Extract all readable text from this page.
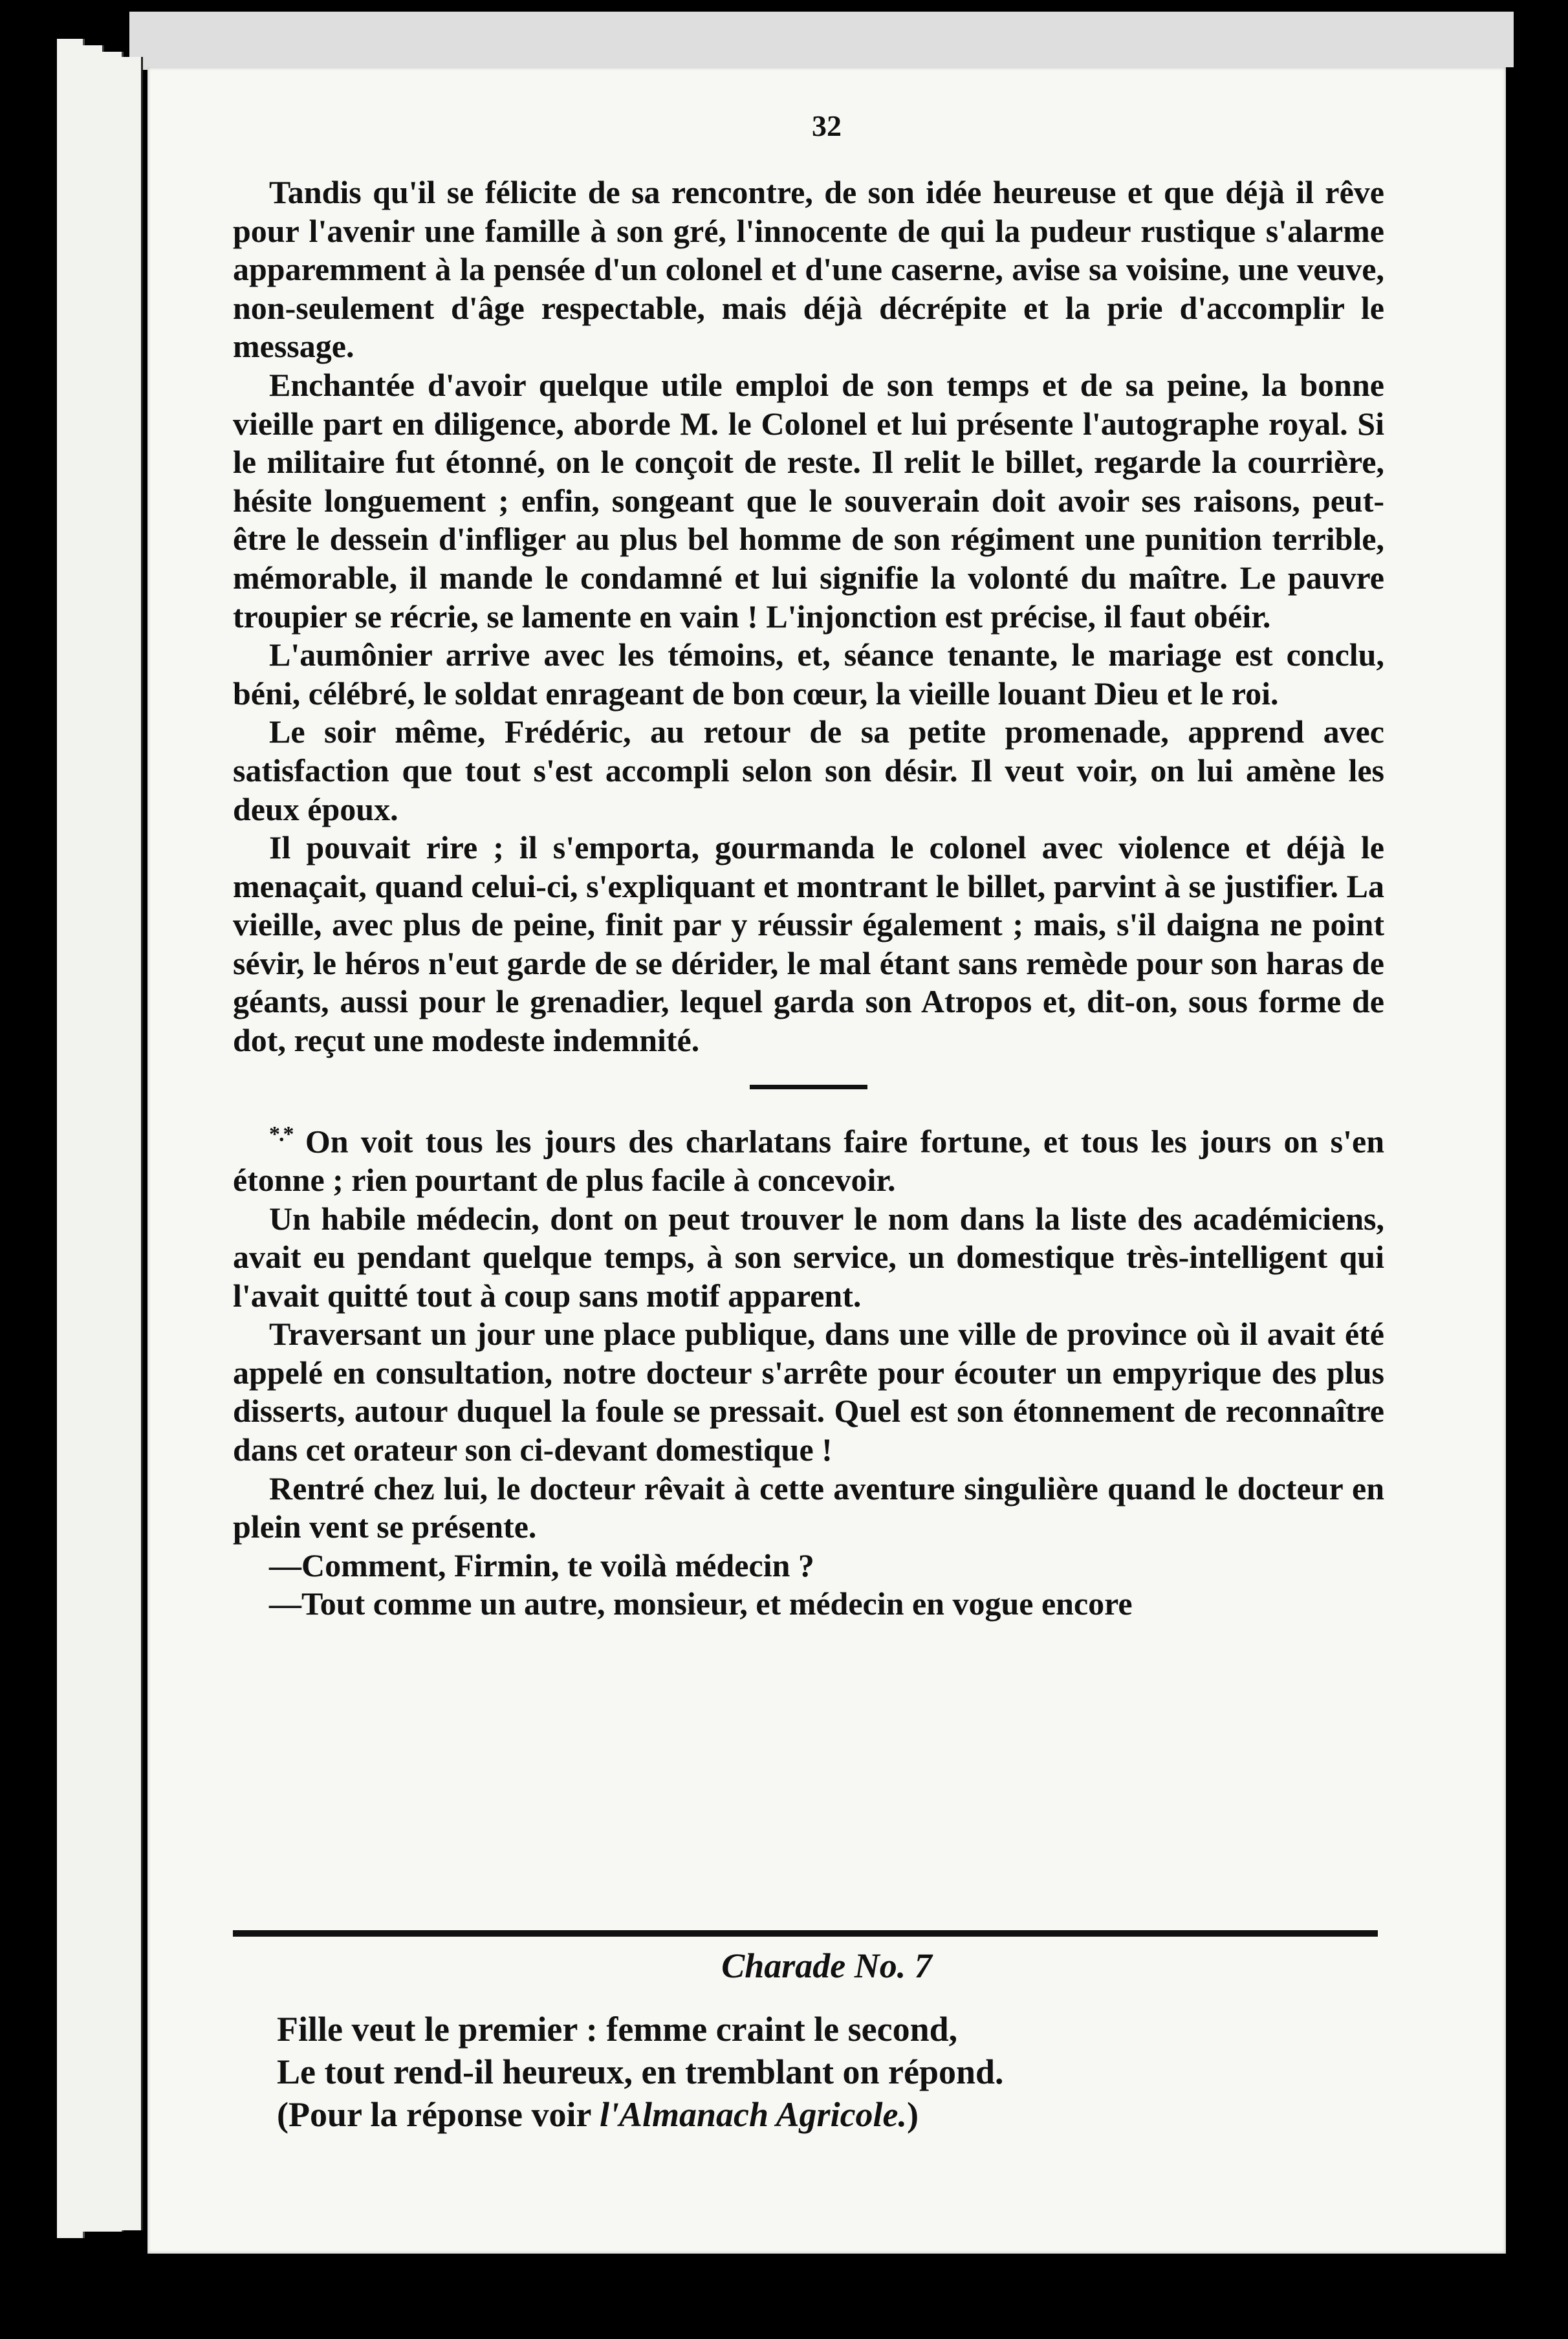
32

Tandis qu'il se félicite de sa rencontre, de son idée heureuse et que déjà il rêve pour l'avenir une famille à son gré, l'innocente de qui la pudeur rustique s'alarme apparemment à la pensée d'un colonel et d'une caserne, avise sa voisine, une veuve, non-seulement d'âge respectable, mais déjà décrépite et la prie d'accomplir le message.

Enchantée d'avoir quelque utile emploi de son temps et de sa peine, la bonne vieille part en diligence, aborde M. le Colonel et lui présente l'autographe royal. Si le militaire fut étonné, on le conçoit de reste. Il relit le billet, regarde la courrière, hésite longuement ; enfin, songeant que le souverain doit avoir ses raisons, peut-être le dessein d'infliger au plus bel homme de son régiment une punition terrible, mémorable, il mande le condamné et lui signifie la volonté du maître. Le pauvre troupier se récrie, se lamente en vain ! L'injonction est précise, il faut obéir.

L'aumônier arrive avec les témoins, et, séance tenante, le mariage est conclu, béni, célébré, le soldat enrageant de bon cœur, la vieille louant Dieu et le roi.

Le soir même, Frédéric, au retour de sa petite promenade, apprend avec satisfaction que tout s'est accompli selon son désir. Il veut voir, on lui amène les deux époux.

Il pouvait rire ; il s'emporta, gourmanda le colonel avec violence et déjà le menaçait, quand celui-ci, s'expliquant et montrant le billet, parvint à se justifier. La vieille, avec plus de peine, finit par y réussir également ; mais, s'il daigna ne point sévir, le héros n'eut garde de se dérider, le mal étant sans remède pour son haras de géants, aussi pour le grenadier, lequel garda son Atropos et, dit-on, sous forme de dot, reçut une modeste indemnité.

*.* On voit tous les jours des charlatans faire fortune, et tous les jours on s'en étonne ; rien pourtant de plus facile à concevoir.

Un habile médecin, dont on peut trouver le nom dans la liste des académiciens, avait eu pendant quelque temps, à son service, un domestique très-intelligent qui l'avait quitté tout à coup sans motif apparent.

Traversant un jour une place publique, dans une ville de province où il avait été appelé en consultation, notre docteur s'arrête pour écouter un empyrique des plus disserts, autour duquel la foule se pressait. Quel est son étonnement de reconnaître dans cet orateur son ci-devant domestique !

Rentré chez lui, le docteur rêvait à cette aventure singulière quand le docteur en plein vent se présente.

—Comment, Firmin, te voilà médecin ?

—Tout comme un autre, monsieur, et médecin en vogue encore

Charade No. 7
Fille veut le premier : femme craint le second,
Le tout rend-il heureux, en tremblant on répond.
(Pour la réponse voir l'Almanach Agricole.)
